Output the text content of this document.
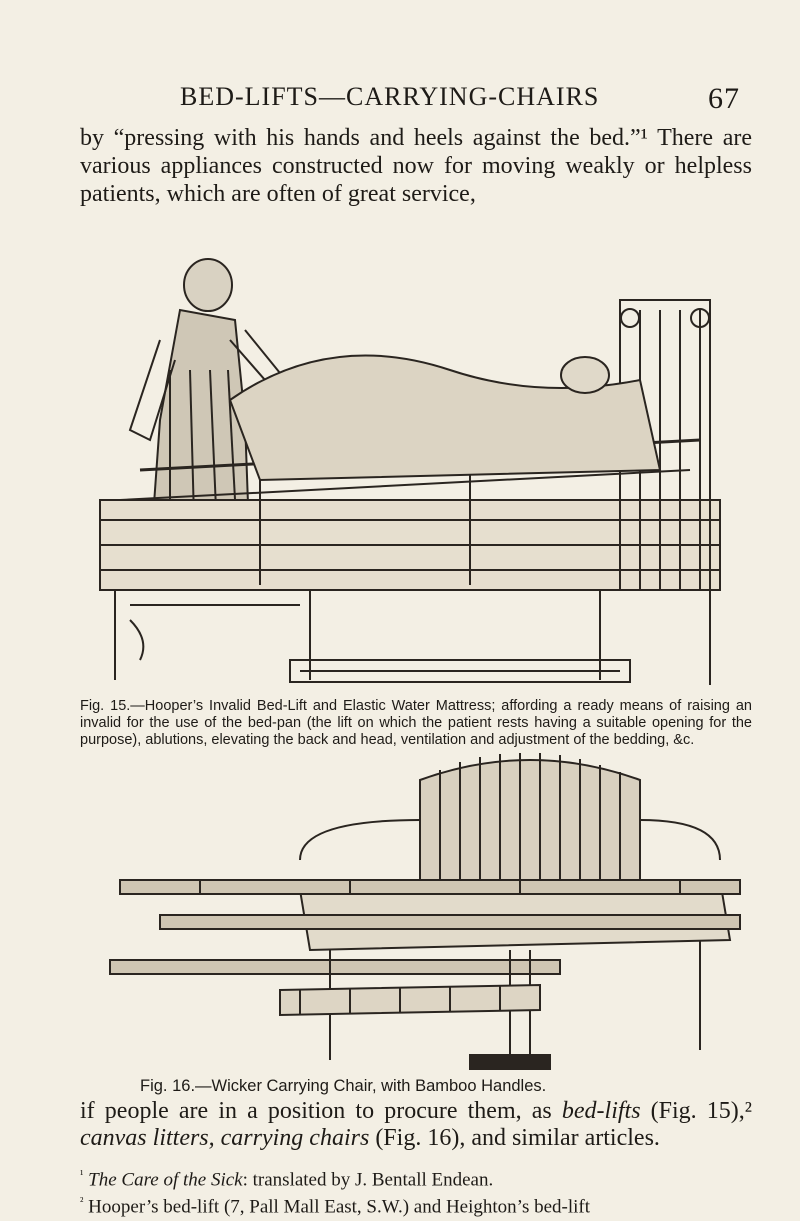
BED-LIFTS—CARRYING-CHAIRS	67
by “pressing with his hands and heels against the bed.”¹ There are various appliances constructed now for moving weakly or helpless patients, which are often of great service,
Fig. 15.—Hooper’s Invalid Bed-Lift and Elastic Water Mattress; affording a ready means of raising an invalid for the use of the bed-pan (the lift on which the patient rests having a suitable opening for the purpose), ablutions, elevating the back and head, ventilation and adjustment of the bedding, &c.
Fig. 16.—Wicker Carrying Chair, with Bamboo Handles.
if people are in a position to procure them, as bed-lifts (Fig. 15),² canvas litters, carrying chairs (Fig. 16), and similar articles.
$^{^1}$ The Care of the Sick: translated by J. Bentall Endean.
$^{^2}$ Hooper’s bed-lift (7, Pall Mall East, S.W.) and Heighton’s bed-lift
